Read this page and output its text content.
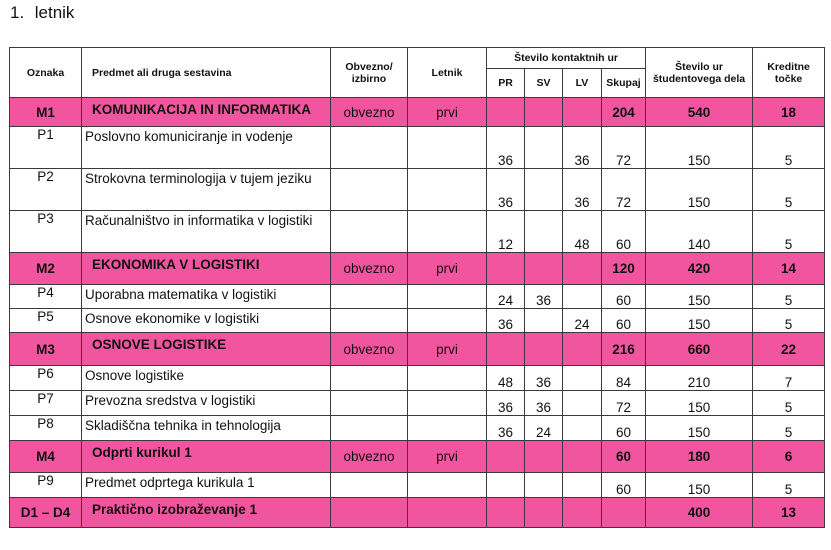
1. letnik
Oznaka	Predmet ali druga sestavina	Obvezno/ izbirno	Letnik	Število kontaktnih ur				Število ur študentovega dela	Kreditne točke
				PR	SV	LV	Skupaj		
M1	KOMUNIKACIJA IN INFORMATIKA	obvezno	prvi				204	540	18
P1	Poslovno komuniciranje in vodenje			36		36	72	150	5
P2	Strokovna terminologija v tujem jeziku			36		36	72	150	5
P3	Računalništvo in informatika v logistiki			12		48	60	140	5
M2	EKONOMIKA V LOGISTIKI	obvezno	prvi				120	420	14
P4	Uporabna matematika v logistiki			24	36		60	150	5
P5	Osnove ekonomike v logistiki			36		24	60	150	5
M3	OSNOVE LOGISTIKE	obvezno	prvi				216	660	22
P6	Osnove logistike			48	36		84	210	7
P7	Prevozna sredstva v logistiki			36	36		72	150	5
P8	Skladiščna tehnika in tehnologija			36	24		60	150	5
M4	Odprti kurikul 1	obvezno	prvi				60	180	6
P9	Predmet odprtega kurikula 1						60	150	5
D1 – D4	Praktično izobraževanje 1							400	13
